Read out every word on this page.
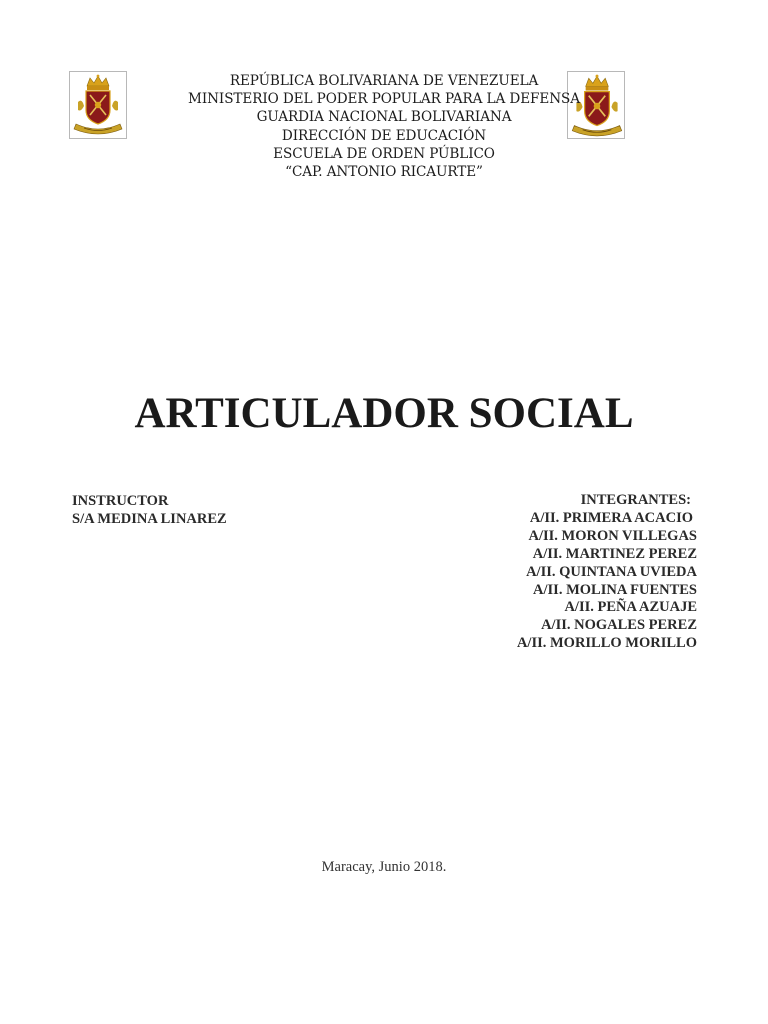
REPÚBLICA BOLIVARIANA DE VENEZUELA
MINISTERIO DEL PODER POPULAR PARA LA DEFENSA
GUARDIA NACIONAL BOLIVARIANA
DIRECCIÓN DE EDUCACIÓN
ESCUELA DE ORDEN PÚBLICO
“CAP. ANTONIO RICAURTE”
ARTICULADOR SOCIAL
INSTRUCTOR
S/A MEDINA LINAREZ
INTEGRANTES:
A/II. PRIMERA ACACIO
A/II. MORON VILLEGAS
A/II. MARTINEZ PEREZ
A/II. QUINTANA UVIEDA
A/II. MOLINA FUENTES
A/II. PEÑA AZUAJE
A/II. NOGALES PEREZ
A/II. MORILLO MORILLO
Maracay, Junio 2018.
